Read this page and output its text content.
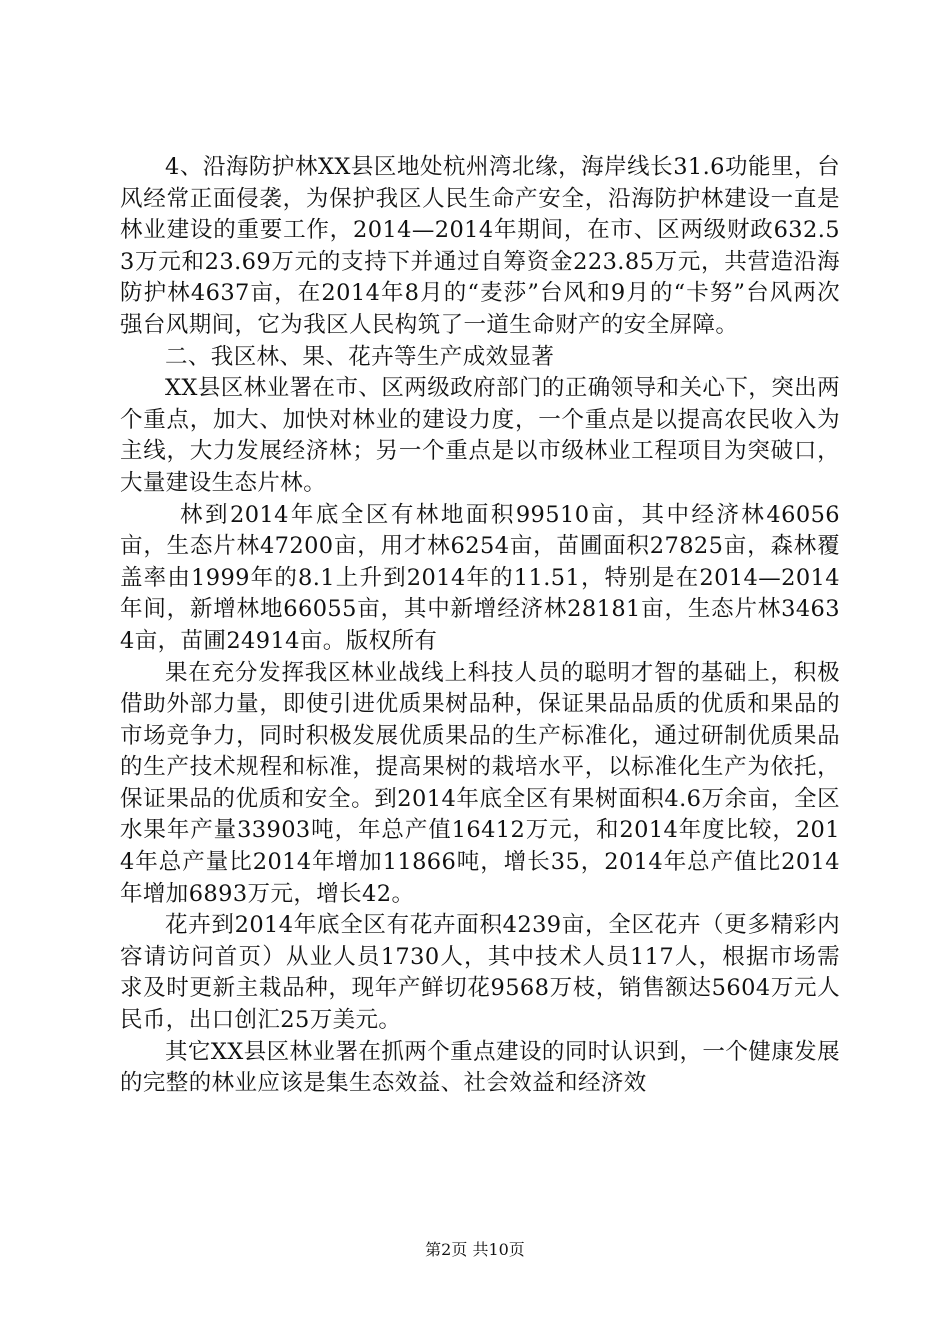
4、沿海防护林XX县区地处杭州湾北缘，海岸线长31.6功能里，台风经常正面侵袭，为保护我区人民生命产安全，沿海防护林建设一直是林业建设的重要工作，2014—2014年期间，在市、区两级财政632.53万元和23.69万元的支持下并通过自筹资金223.85万元，共营造沿海防护林4637亩，在2014年8月的“麦莎”台风和9月的“卡努”台风两次强台风期间，它为我区人民构筑了一道生命财产的安全屏障。

二、我区林、果、花卉等生产成效显著

XX县区林业署在市、区两级政府部门的正确领导和关心下，突出两个重点，加大、加快对林业的建设力度，一个重点是以提高农民收入为主线，大力发展经济林；另一个重点是以市级林业工程项目为突破口，大量建设生态片林。

林到2014年底全区有林地面积99510亩，其中经济林46056亩，生态片林47200亩，用才林6254亩，苗圃面积27825亩，森林覆盖率由1999年的8.1上升到2014年的11.51，特别是在2014—2014年间，新增林地66055亩，其中新增经济林28181亩，生态片林34634亩，苗圃24914亩。版权所有

果在充分发挥我区林业战线上科技人员的聪明才智的基础上，积极借助外部力量，即使引进优质果树品种，保证果品品质的优质和果品的市场竞争力，同时积极发展优质果品的生产标准化，通过研制优质果品的生产技术规程和标准，提高果树的栽培水平，以标准化生产为依托，保证果品的优质和安全。到2014年底全区有果树面积4.6万余亩，全区水果年产量33903吨，年总产值16412万元，和2014年度比较，2014年总产量比2014年增加11866吨，增长35，2014年总产值比2014年增加6893万元，增长42。

花卉到2014年底全区有花卉面积4239亩，全区花卉（更多精彩内容请访问首页）从业人员1730人，其中技术人员117人，根据市场需求及时更新主栽品种，现年产鲜切花9568万枝，销售额达5604万元人民币，出口创汇25万美元。

其它XX县区林业署在抓两个重点建设的同时认识到，一个健康发展的完整的林业应该是集生态效益、社会效益和经济效

第2页 共10页
